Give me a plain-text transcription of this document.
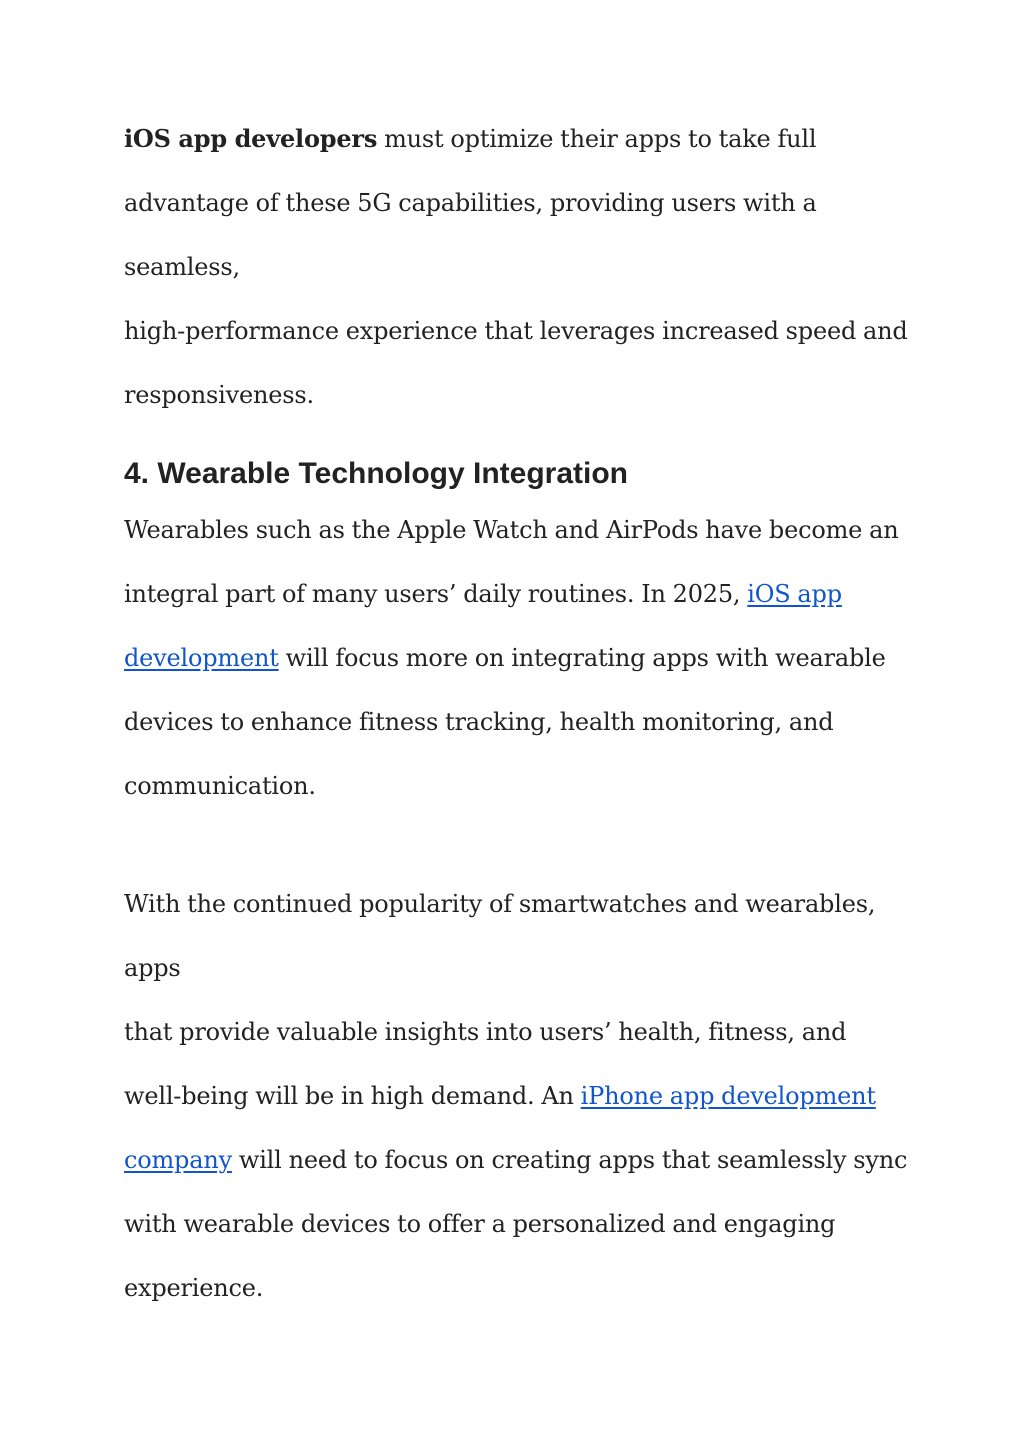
iOS app developers must optimize their apps to take full
advantage of these 5G capabilities, providing users with a seamless,
high-performance experience that leverages increased speed and
responsiveness.

4. Wearable Technology Integration

Wearables such as the Apple Watch and AirPods have become an
integral part of many users’ daily routines. In 2025, iOS app
development will focus more on integrating apps with wearable
devices to enhance fitness tracking, health monitoring, and
communication.

With the continued popularity of smartwatches and wearables, apps
that provide valuable insights into users’ health, fitness, and
well-being will be in high demand. An iPhone app development
company will need to focus on creating apps that seamlessly sync
with wearable devices to offer a personalized and engaging
experience.
